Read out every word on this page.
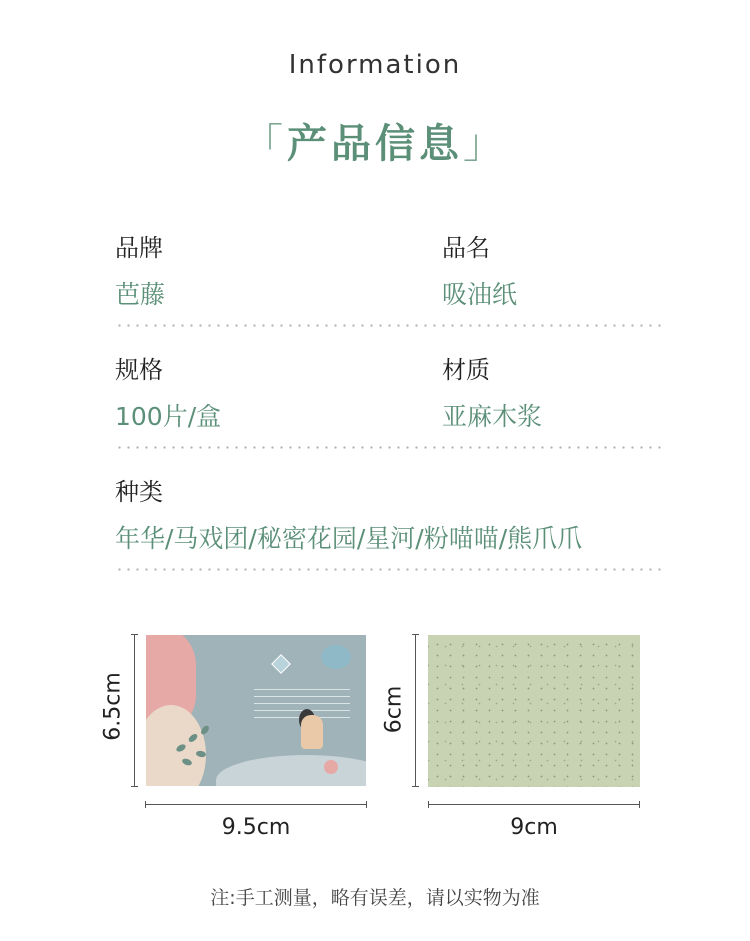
Information
「产品信息」
品牌
芭藤
品名
吸油纸
规格
100片/盒
材质
亚麻木浆
种类
年华/马戏团/秘密花园/星河/粉喵喵/熊爪爪
6.5cm
9.5cm
6cm
9cm
注:手工测量，略有误差，请以实物为准
